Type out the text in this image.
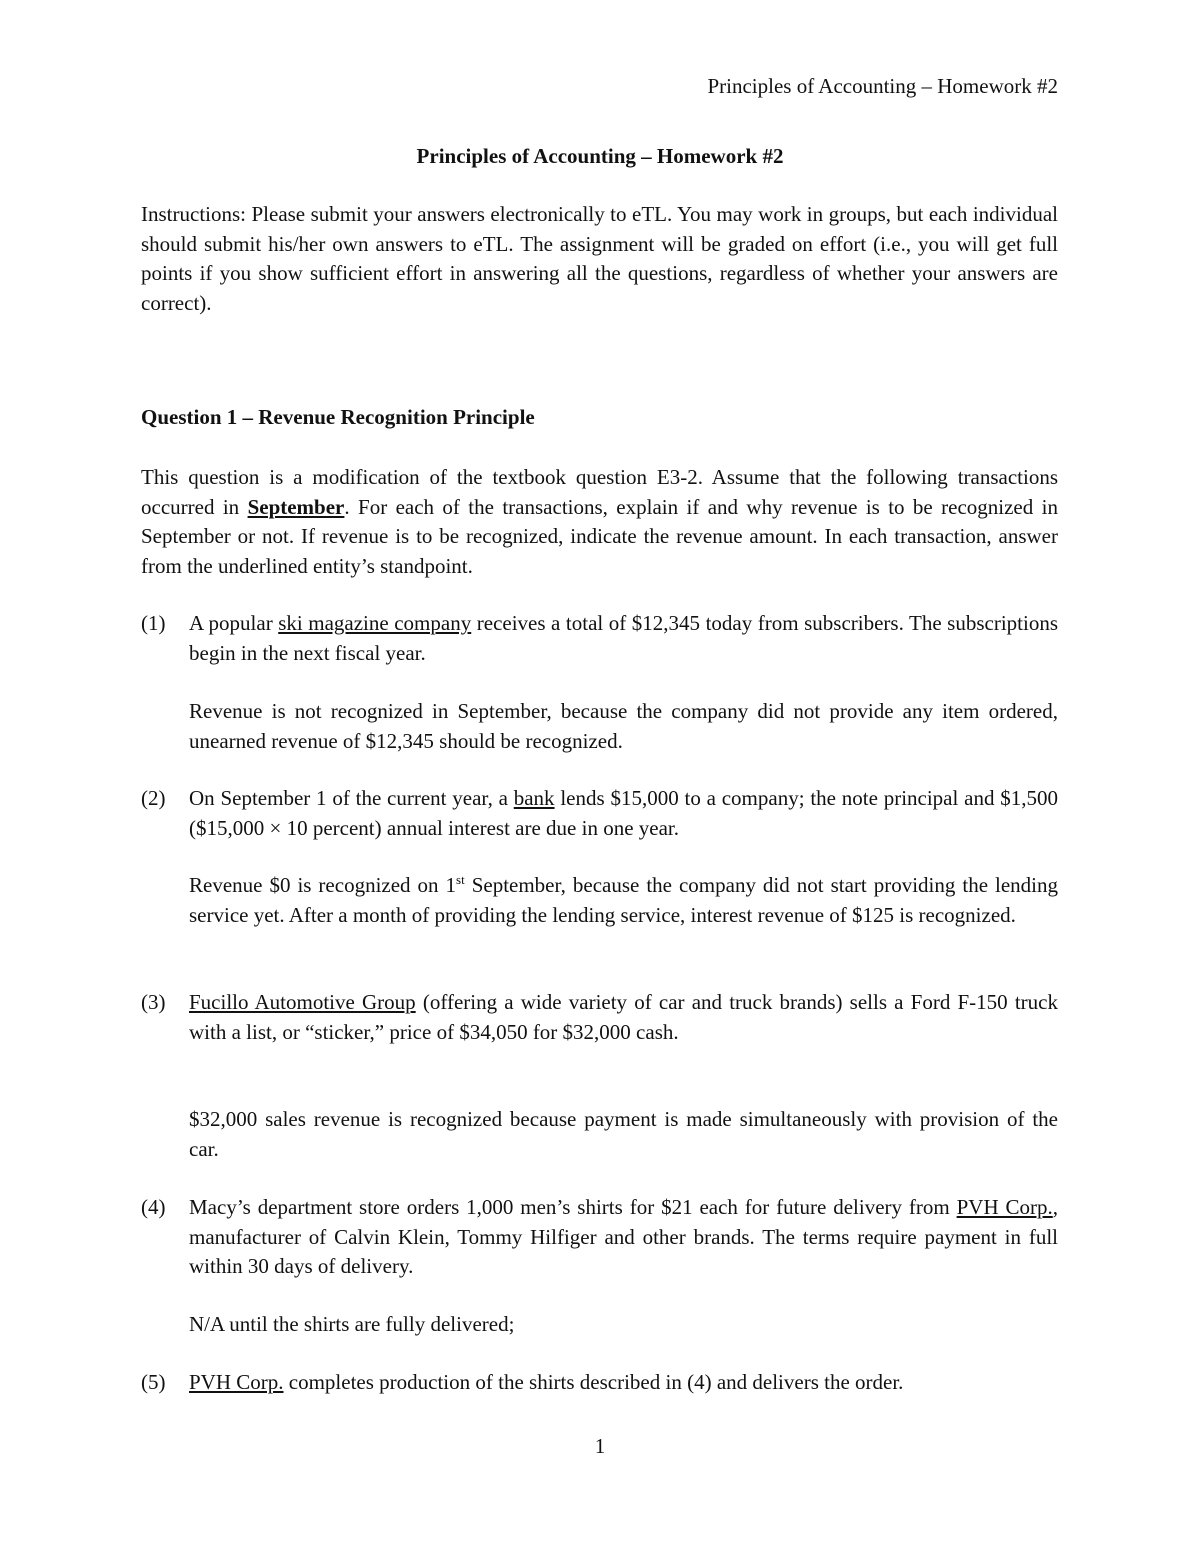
Principles of Accounting – Homework #2
Principles of Accounting – Homework #2

Instructions: Please submit your answers electronically to eTL. You may work in groups, but each individual should submit his/her own answers to eTL. The assignment will be graded on effort (i.e., you will get full points if you show sufficient effort in answering all the questions, regardless of whether your answers are correct).

Question 1 – Revenue Recognition Principle

This question is a modification of the textbook question E3-2. Assume that the following transactions occurred in September. For each of the transactions, explain if and why revenue is to be recognized in September or not. If revenue is to be recognized, indicate the revenue amount. In each transaction, answer from the underlined entity’s standpoint.

(1) A popular ski magazine company receives a total of $12,345 today from subscribers. The subscriptions begin in the next fiscal year.

Revenue is not recognized in September, because the company did not provide any item ordered, unearned revenue of $12,345 should be recognized.

(2) On September 1 of the current year, a bank lends $15,000 to a company; the note principal and $1,500 ($15,000 × 10 percent) annual interest are due in one year.

Revenue $0 is recognized on 1st September, because the company did not start providing the lending service yet. After a month of providing the lending service, interest revenue of $125 is recognized.

(3) Fucillo Automotive Group (offering a wide variety of car and truck brands) sells a Ford F-150 truck with a list, or “sticker,” price of $34,050 for $32,000 cash.

$32,000 sales revenue is recognized because payment is made simultaneously with provision of the car.

(4) Macy’s department store orders 1,000 men’s shirts for $21 each for future delivery from PVH Corp., manufacturer of Calvin Klein, Tommy Hilfiger and other brands. The terms require payment in full within 30 days of delivery.

N/A until the shirts are fully delivered;

(5) PVH Corp. completes production of the shirts described in (4) and delivers the order.
1
